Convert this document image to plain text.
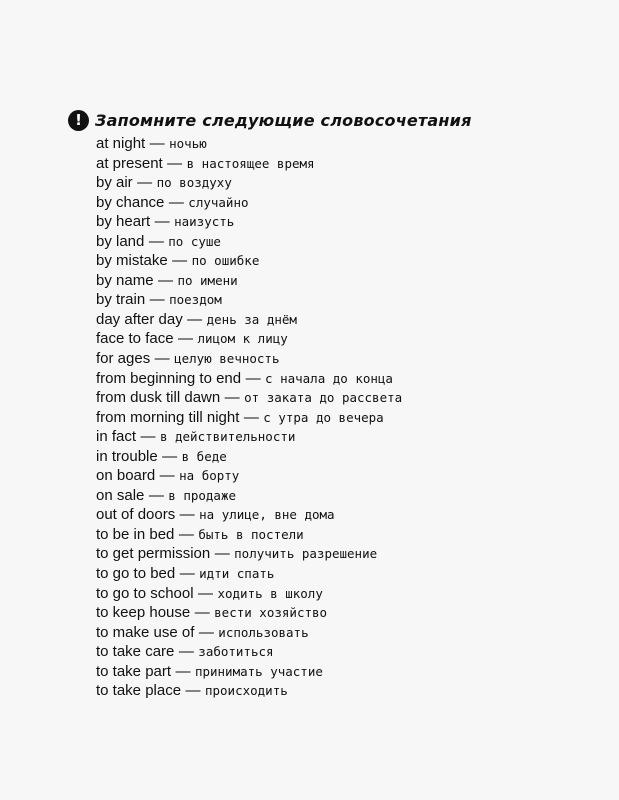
! Запомните следующие словосочетания
at night — ночью
at present — в настоящее время
by air — по воздуху
by chance — случайно
by heart — наизусть
by land — по суше
by mistake — по ошибке
by name — по имени
by train — поездом
day after day — день за днём
face to face — лицом к лицу
for ages — целую вечность
from beginning to end — с начала до конца
from dusk till dawn — от заката до рассвета
from morning till night — с утра до вечера
in fact — в действительности
in trouble — в беде
on board — на борту
on sale — в продаже
out of doors — на улице, вне дома
to be in bed — быть в постели
to get permission — получить разрешение
to go to bed — идти спать
to go to school — ходить в школу
to keep house — вести хозяйство
to make use of — использовать
to take care — заботиться
to take part — принимать участие
to take place — происходить
